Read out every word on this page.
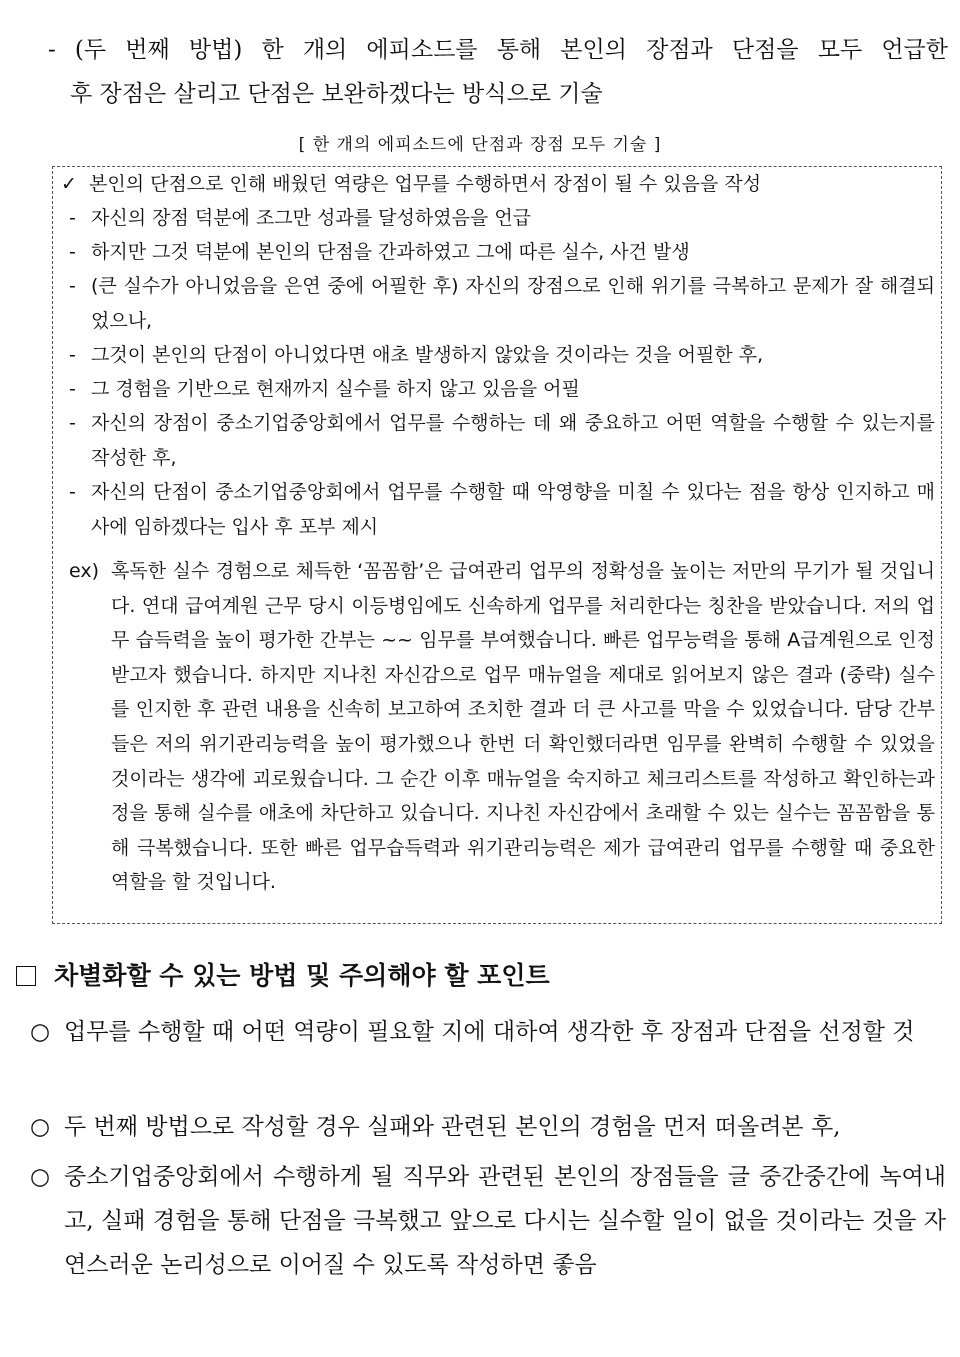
- (두 번째 방법) 한 개의 에피소드를 통해 본인의 장점과 단점을 모두 언급한
후 장점은 살리고 단점은 보완하겠다는 방식으로 기술
[ 한 개의 에피소드에 단점과 장점 모두 기술 ]
✓ 본인의 단점으로 인해 배웠던 역량은 업무를 수행하면서 장점이 될 수 있음을 작성
- 자신의 장점 덕분에 조그만 성과를 달성하였음을 언급
- 하지만 그것 덕분에 본인의 단점을 간과하였고 그에 따른 실수, 사건 발생
- (큰 실수가 아니었음을 은연 중에 어필한 후) 자신의 장점으로 인해 위기를 극복하고 문제가 잘 해결되었으나,
- 그것이 본인의 단점이 아니었다면 애초 발생하지 않았을 것이라는 것을 어필한 후,
- 그 경험을 기반으로 현재까지 실수를 하지 않고 있음을 어필
- 자신의 장점이 중소기업중앙회에서 업무를 수행하는 데 왜 중요하고 어떤 역할을 수행할 수 있는지를 작성한 후,
- 자신의 단점이 중소기업중앙회에서 업무를 수행할 때 악영향을 미칠 수 있다는 점을 항상 인지하고 매사에 임하겠다는 입사 후 포부 제시
ex) 혹독한 실수 경험으로 체득한 ‘꼼꼼함’은 급여관리 업무의 정확성을 높이는 저만의 무기가 될 것입니다. 연대 급여계원 근무 당시 이등병임에도 신속하게 업무를 처리한다는 칭찬을 받았습니다. 저의 업무 습득력을 높이 평가한 간부는 ~~ 임무를 부여했습니다. 빠른 업무능력을 통해 A급계원으로 인정받고자 했습니다. 하지만 지나친 자신감으로 업무 매뉴얼을 제대로 읽어보지 않은 결과 (중략) 실수를 인지한 후 관련 내용을 신속히 보고하여 조치한 결과 더 큰 사고를 막을 수 있었습니다. 담당 간부들은 저의 위기관리능력을 높이 평가했으나 한번 더 확인했더라면 임무를 완벽히 수행할 수 있었을 것이라는 생각에 괴로웠습니다. 그 순간 이후 매뉴얼을 숙지하고 체크리스트를 작성하고 확인하는과정을 통해 실수를 애초에 차단하고 있습니다. 지나친 자신감에서 초래할 수 있는 실수는 꼼꼼함을 통해 극복했습니다. 또한 빠른 업무습득력과 위기관리능력은 제가 급여관리 업무를 수행할 때 중요한 역할을 할 것입니다.
차별화할 수 있는 방법 및 주의해야 할 포인트
○ 업무를 수행할 때 어떤 역량이 필요할 지에 대하여 생각한 후 장점과 단점을 선정할 것
○ 두 번째 방법으로 작성할 경우 실패와 관련된 본인의 경험을 먼저 떠올려본 후,
○ 중소기업중앙회에서 수행하게 될 직무와 관련된 본인의 장점들을 글 중간중간에 녹여내고, 실패 경험을 통해 단점을 극복했고 앞으로 다시는 실수할 일이 없을 것이라는 것을 자연스러운 논리성으로 이어질 수 있도록 작성하면 좋음
